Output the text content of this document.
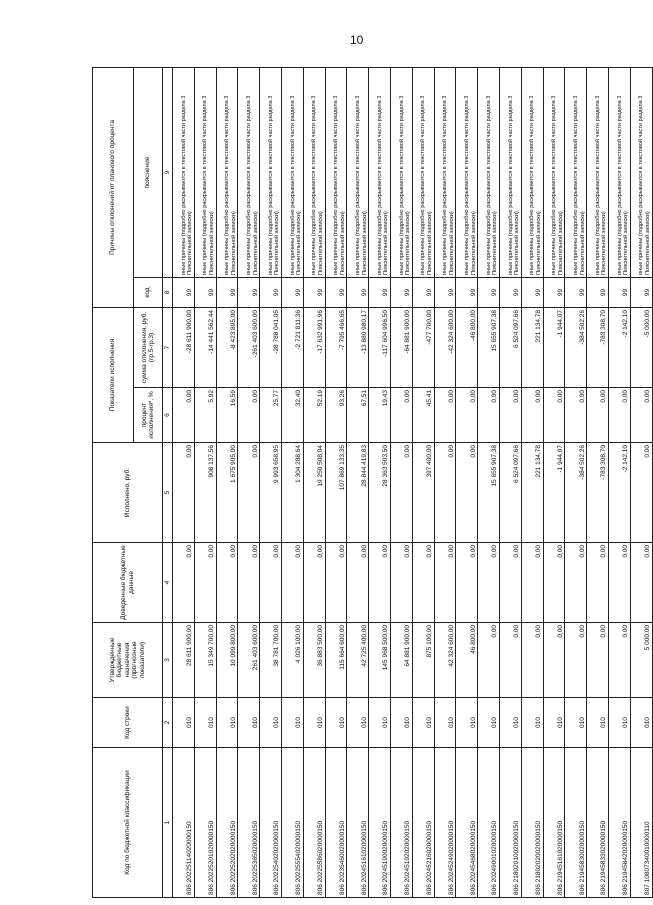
10
Код по бюджетной классификации	Код строки	Утвержденные бюджетные назначения (прогнозные показатели)	Доведенные бюджетные данные	Исполнено, руб.	Показатели исполнения		Причины отклонений от планового процента	
					процент исполнения*, %	сумма отклонения, руб. (гр.5-гр.3)	код	пояснение
1	2	3	4	5	6	7	8	9
806 20225114020000150	010	28 611 900,00	0,00	0,00	0,00	-28 611 900,00	99	иные причины (подробно раскрываются в текстовой части раздела 3 Пояснительной записки)
806 20225201020000150	010	15 349 700,00	0,00	908 137,56	5,92	-14 441 562,44	99	иные причины (подробно раскрываются в текстовой части раздела 3 Пояснительной записки)
806 20225202020000150	010	10 099 800,00	0,00	1 675 905,00	16,59	-8 423 895,00	99	иные причины (подробно раскрываются в текстовой части раздела 3 Пояснительной записки)
806 20225365020000150	010	261 403 600,00	0,00	0,00	0,00	-261 403 600,00	99	иные причины (подробно раскрываются в текстовой части раздела 3 Пояснительной записки)
806 20225402020000150	010	38 781 700,00	0,00	9 993 658,95	25,77	-28 788 041,05	99	иные причины (подробно раскрываются в текстовой части раздела 3 Пояснительной записки)
806 20225554020000150	010	4 026 100,00	0,00	1 304 288,64	32,40	-2 721 811,36	99	иные причины (подробно раскрываются в текстовой части раздела 3 Пояснительной записки)
806 20225586020000150	010	36 883 500,00	0,00	19 250 508,04	52,19	-17 632 991,96	99	иные причины (подробно раскрываются в текстовой части раздела 3 Пояснительной записки)
806 20235460020000150	010	115 664 600,00	0,00	107 869 133,35	93,26	-7 795 466,65	99	иные причины (подробно раскрываются в текстовой части раздела 3 Пояснительной записки)
806 20245161020000150	010	42 725 400,00	0,00	28 844 419,83	67,51	-13 880 980,17	99	иные причины (подробно раскрываются в текстовой части раздела 3 Пояснительной записки)
806 20245190020000150	010	145 968 500,00	0,00	28 363 503,50	19,43	-117 604 996,50	99	иные причины (подробно раскрываются в текстовой части раздела 3 Пояснительной записки)
806 20245192020000150	010	64 881 900,00	0,00	0,00	0,00	-64 881 900,00	99	иные причины (подробно раскрываются в текстовой части раздела 3 Пояснительной записки)
806 20245216020000150	010	875 100,00	0,00	397 400,00	45,41	-477 700,00	99	иные причины (подробно раскрываются в текстовой части раздела 3 Пояснительной записки)
806 20245249020000150	010	42 324 600,00	0,00	0,00	0,00	-42 324 600,00	99	иные причины (подробно раскрываются в текстовой части раздела 3 Пояснительной записки)
806 20245468020000150	010	46 800,00	0,00	0,00	0,00	-46 800,00	99	иные причины (подробно раскрываются в текстовой части раздела 3 Пояснительной записки)
806 20249001020000150	010	0,00	0,00	15 655 907,38	0,00	15 655 907,38	99	иные причины (подробно раскрываются в текстовой части раздела 3 Пояснительной записки)
806 21802010020000150	010	0,00	0,00	6 524 097,66	0,00	6 524 097,66	99	иные причины (подробно раскрываются в текстовой части раздела 3 Пояснительной записки)
806 21802020020000150	010	0,00	0,00	221 134,78	0,00	221 134,78	99	иные причины (подробно раскрываются в текстовой части раздела 3 Пояснительной записки)
806 21945161020000150	010	0,00	0,00	-1 944,07	0,00	-1 944,07	99	иные причины (подробно раскрываются в текстовой части раздела 3 Пояснительной записки)
806 21945830020000150	010	0,00	0,00	-384 502,26	0,00	-384 502,26	99	иные причины (подробно раскрываются в текстовой части раздела 3 Пояснительной записки)
806 21945833020000150	010	0,00	0,00	-783 308,70	0,00	-783 308,70	99	иные причины (подробно раскрываются в текстовой части раздела 3 Пояснительной записки)
806 21945842020000150	010	0,00	0,00	-2 142,10	0,00	-2 142,10	99	иные причины (подробно раскрываются в текстовой части раздела 3 Пояснительной записки)
807 10807340010000110	010	5 000,00	0,00	0,00	0,00	-5 000,00	99	иные причины (подробно раскрываются в текстовой части раздела 3 Пояснительной записки)
